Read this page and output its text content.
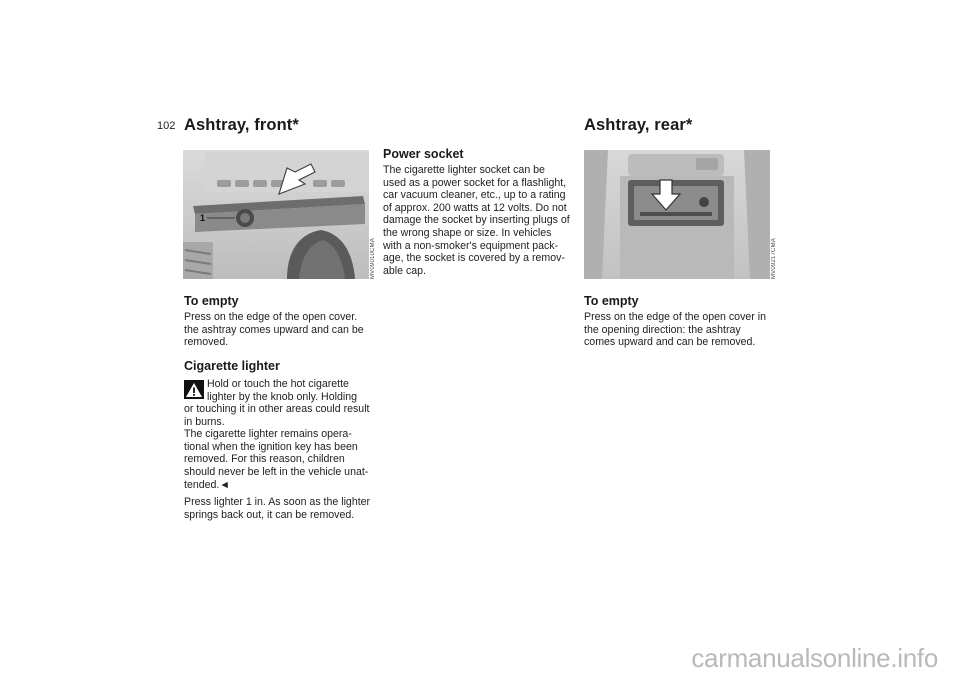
102 Ashtray, front*	Ashtray, rear*
1
MV09010CMA
To empty
Press on the edge of the open cover.
the ashtray comes upward and can be
removed.
Cigarette lighter
Hold or touch the hot cigarette
lighter by the knob only. Holding
or touching it in other areas could result
in burns.
The cigarette lighter remains opera-
tional when the ignition key has been
removed. For this reason, children
should never be left in the vehicle unat-
tended.◄
Press lighter 1 in. As soon as the lighter
springs back out, it can be removed.
Power socket
The cigarette lighter socket can be
used as a power socket for a flashlight,
car vacuum cleaner, etc., up to a rating
of approx. 200 watts at 12 volts. Do not
damage the socket by inserting plugs of
the wrong shape or size. In vehicles
with a non-smoker's equipment pack-
age, the socket is covered by a remov-
able cap.	MV09217CMA
To empty
Press on the edge of the open cover in
the opening direction: the ashtray
comes upward and can be removed.
carmanualsonline.info
